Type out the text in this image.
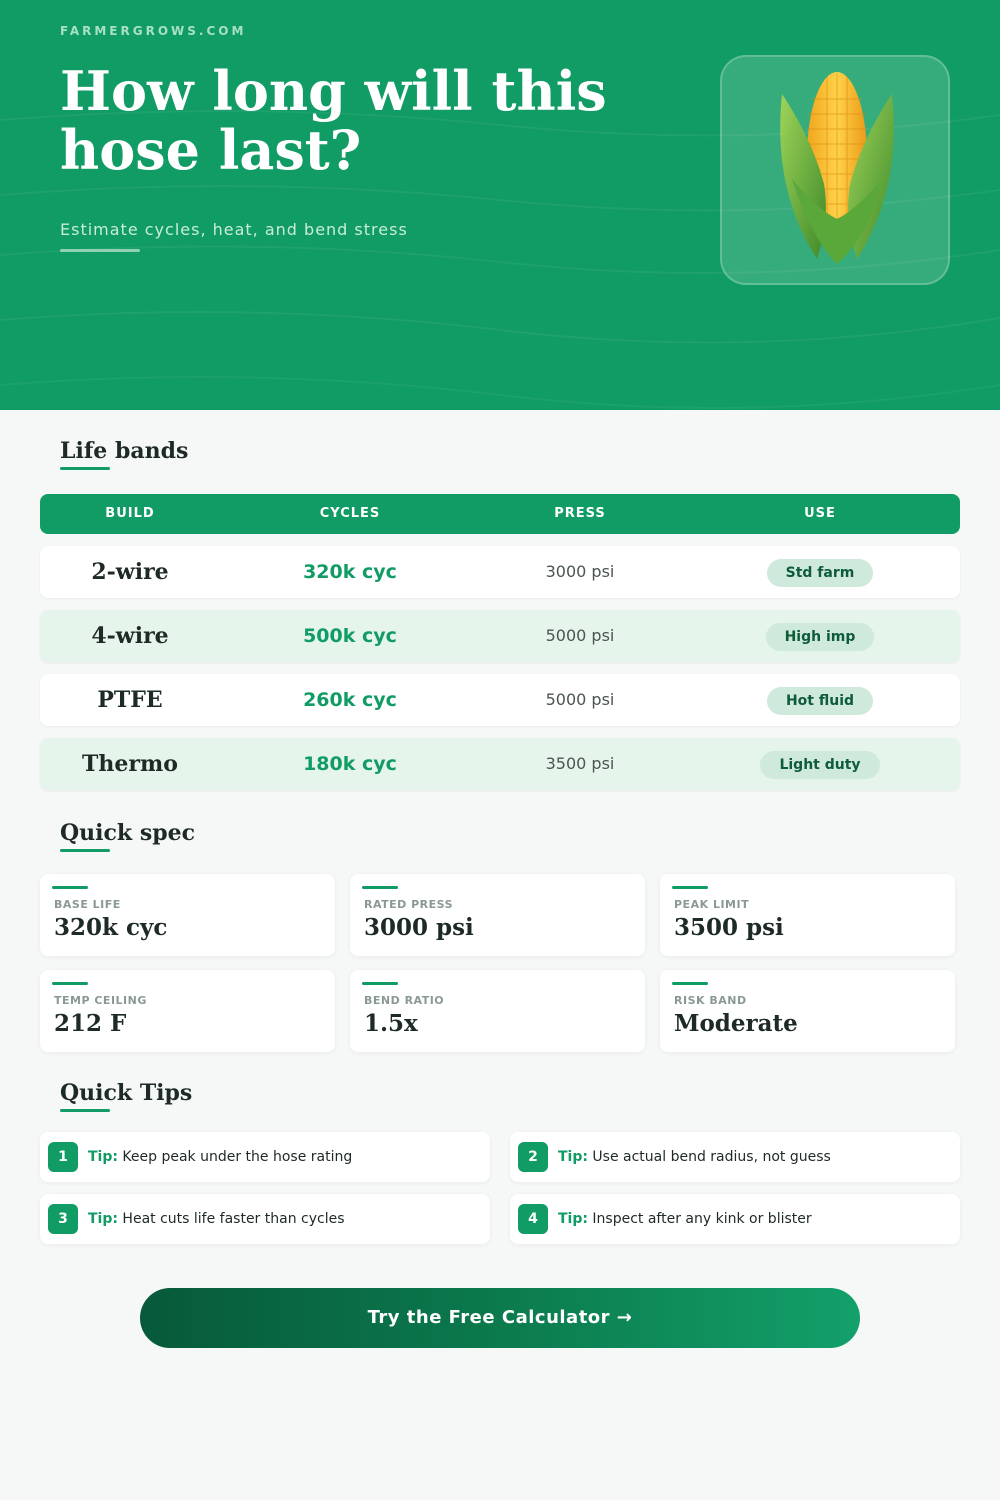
FARMERGROWS.COM
How long will this hose last?
Estimate cycles, heat, and bend stress
Life bands
BUILD	CYCLES	PRESS	USE
2-wire	320k cyc	3000 psi	Std farm
4-wire	500k cyc	5000 psi	High imp
PTFE	260k cyc	5000 psi	Hot fluid
Thermo	180k cyc	3500 psi	Light duty
Quick spec
BASE LIFE
320k cyc
RATED PRESS
3000 psi
PEAK LIMIT
3500 psi
TEMP CEILING
212 F
BEND RATIO
1.5x
RISK BAND
Moderate
Quick Tips
1	Tip: Keep peak under the hose rating	2	Tip: Use actual bend radius, not guess
3	Tip: Heat cuts life faster than cycles	4	Tip: Inspect after any kink or blister
Try the Free Calculator →
